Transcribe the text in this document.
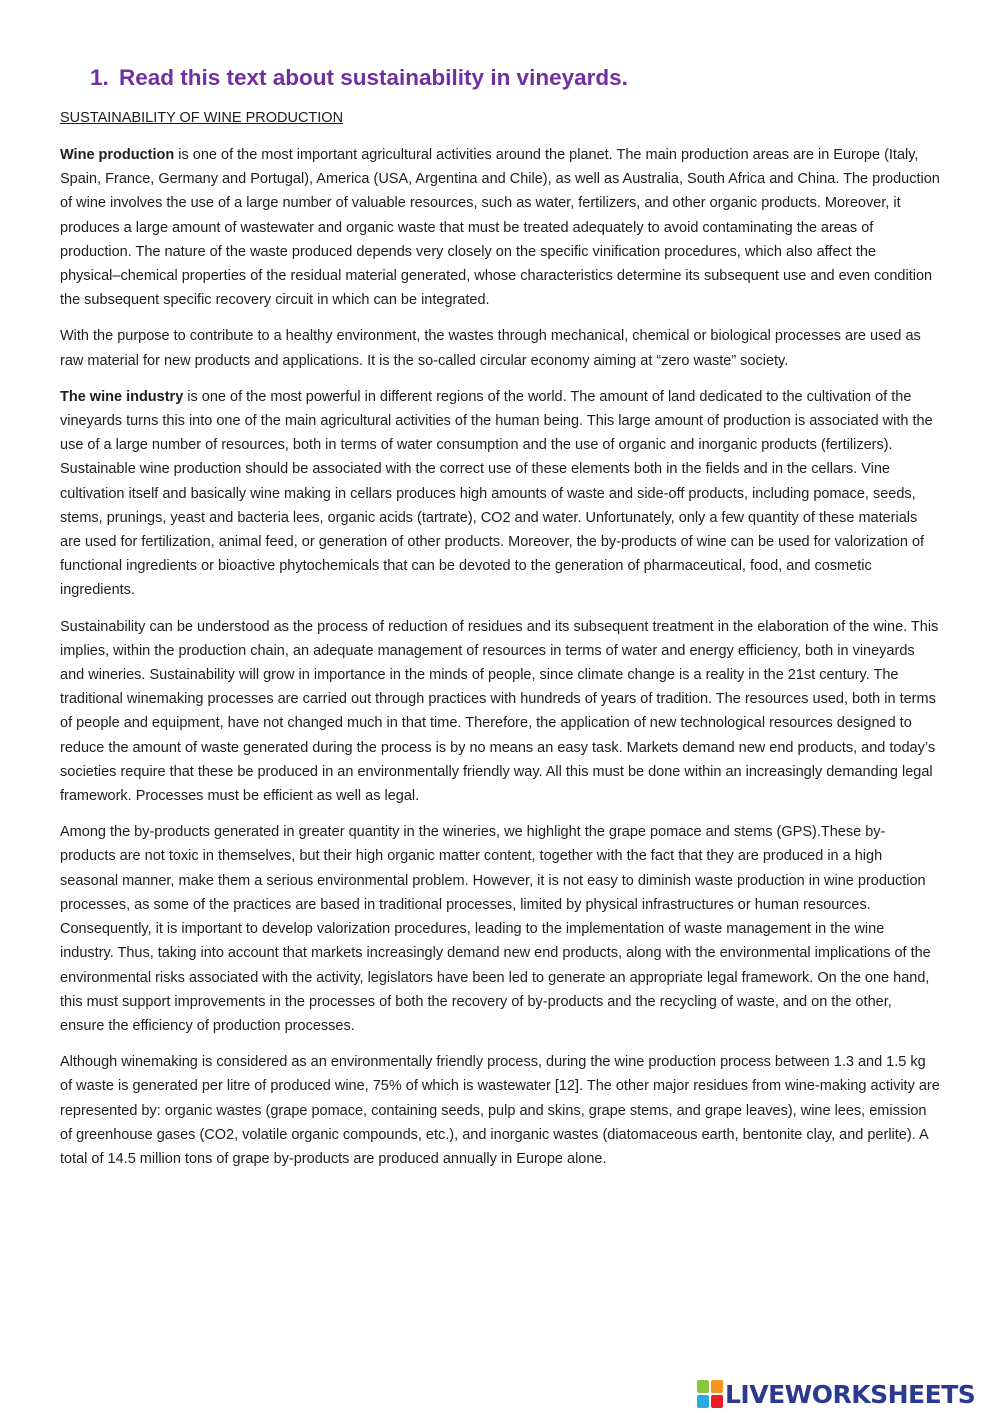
1. Read this text about sustainability in vineyards.
SUSTAINABILITY OF WINE PRODUCTION

Wine production is one of the most important agricultural activities around the planet. The main production areas are in Europe (Italy, Spain, France, Germany and Portugal), America (USA, Argentina and Chile), as well as Australia, South Africa and China. The production of wine involves the use of a large number of valuable resources, such as water, fertilizers, and other organic products. Moreover, it produces a large amount of wastewater and organic waste that must be treated adequately to avoid contaminating the areas of production. The nature of the waste produced depends very closely on the specific vinification procedures, which also affect the physical–chemical properties of the residual material generated, whose characteristics determine its subsequent use and even condition the subsequent specific recovery circuit in which can be integrated.

With the purpose to contribute to a healthy environment, the wastes through mechanical, chemical or biological processes are used as raw material for new products and applications. It is the so-called circular economy aiming at “zero waste” society.

The wine industry is one of the most powerful in different regions of the world. The amount of land dedicated to the cultivation of the vineyards turns this into one of the main agricultural activities of the human being. This large amount of production is associated with the use of a large number of resources, both in terms of water consumption and the use of organic and inorganic products (fertilizers). Sustainable wine production should be associated with the correct use of these elements both in the fields and in the cellars. Vine cultivation itself and basically wine making in cellars produces high amounts of waste and side-off products, including pomace, seeds, stems, prunings, yeast and bacteria lees, organic acids (tartrate), CO2 and water. Unfortunately, only a few quantity of these materials are used for fertilization, animal feed, or generation of other products. Moreover, the by-products of wine can be used for valorization of functional ingredients or bioactive phytochemicals that can be devoted to the generation of pharmaceutical, food, and cosmetic ingredients.

Sustainability can be understood as the process of reduction of residues and its subsequent treatment in the elaboration of the wine. This implies, within the production chain, an adequate management of resources in terms of water and energy efficiency, both in vineyards and wineries. Sustainability will grow in importance in the minds of people, since climate change is a reality in the 21st century. The traditional winemaking processes are carried out through practices with hundreds of years of tradition. The resources used, both in terms of people and equipment, have not changed much in that time. Therefore, the application of new technological resources designed to reduce the amount of waste generated during the process is by no means an easy task. Markets demand new end products, and today’s societies require that these be produced in an environmentally friendly way. All this must be done within an increasingly demanding legal framework. Processes must be efficient as well as legal.

Among the by-products generated in greater quantity in the wineries, we highlight the grape pomace and stems (GPS).These by-products are not toxic in themselves, but their high organic matter content, together with the fact that they are produced in a high seasonal manner, make them a serious environmental problem. However, it is not easy to diminish waste production in wine production processes, as some of the practices are based in traditional processes, limited by physical infrastructures or human resources. Consequently, it is important to develop valorization procedures, leading to the implementation of waste management in the wine industry. Thus, taking into account that markets increasingly demand new end products, along with the environmental implications of the environmental risks associated with the activity, legislators have been led to generate an appropriate legal framework. On the one hand, this must support improvements in the processes of both the recovery of by-products and the recycling of waste, and on the other, ensure the efficiency of production processes.

Although winemaking is considered as an environmentally friendly process, during the wine production process between 1.3 and 1.5 kg of waste is generated per litre of produced wine, 75% of which is wastewater [12]. The other major residues from wine-making activity are represented by: organic wastes (grape pomace, containing seeds, pulp and skins, grape stems, and grape leaves), wine lees, emission of greenhouse gases (CO2, volatile organic compounds, etc.), and inorganic wastes (diatomaceous earth, bentonite clay, and perlite). A total of 14.5 million tons of grape by-products are produced annually in Europe alone.

LIVEWORKSHEETS
